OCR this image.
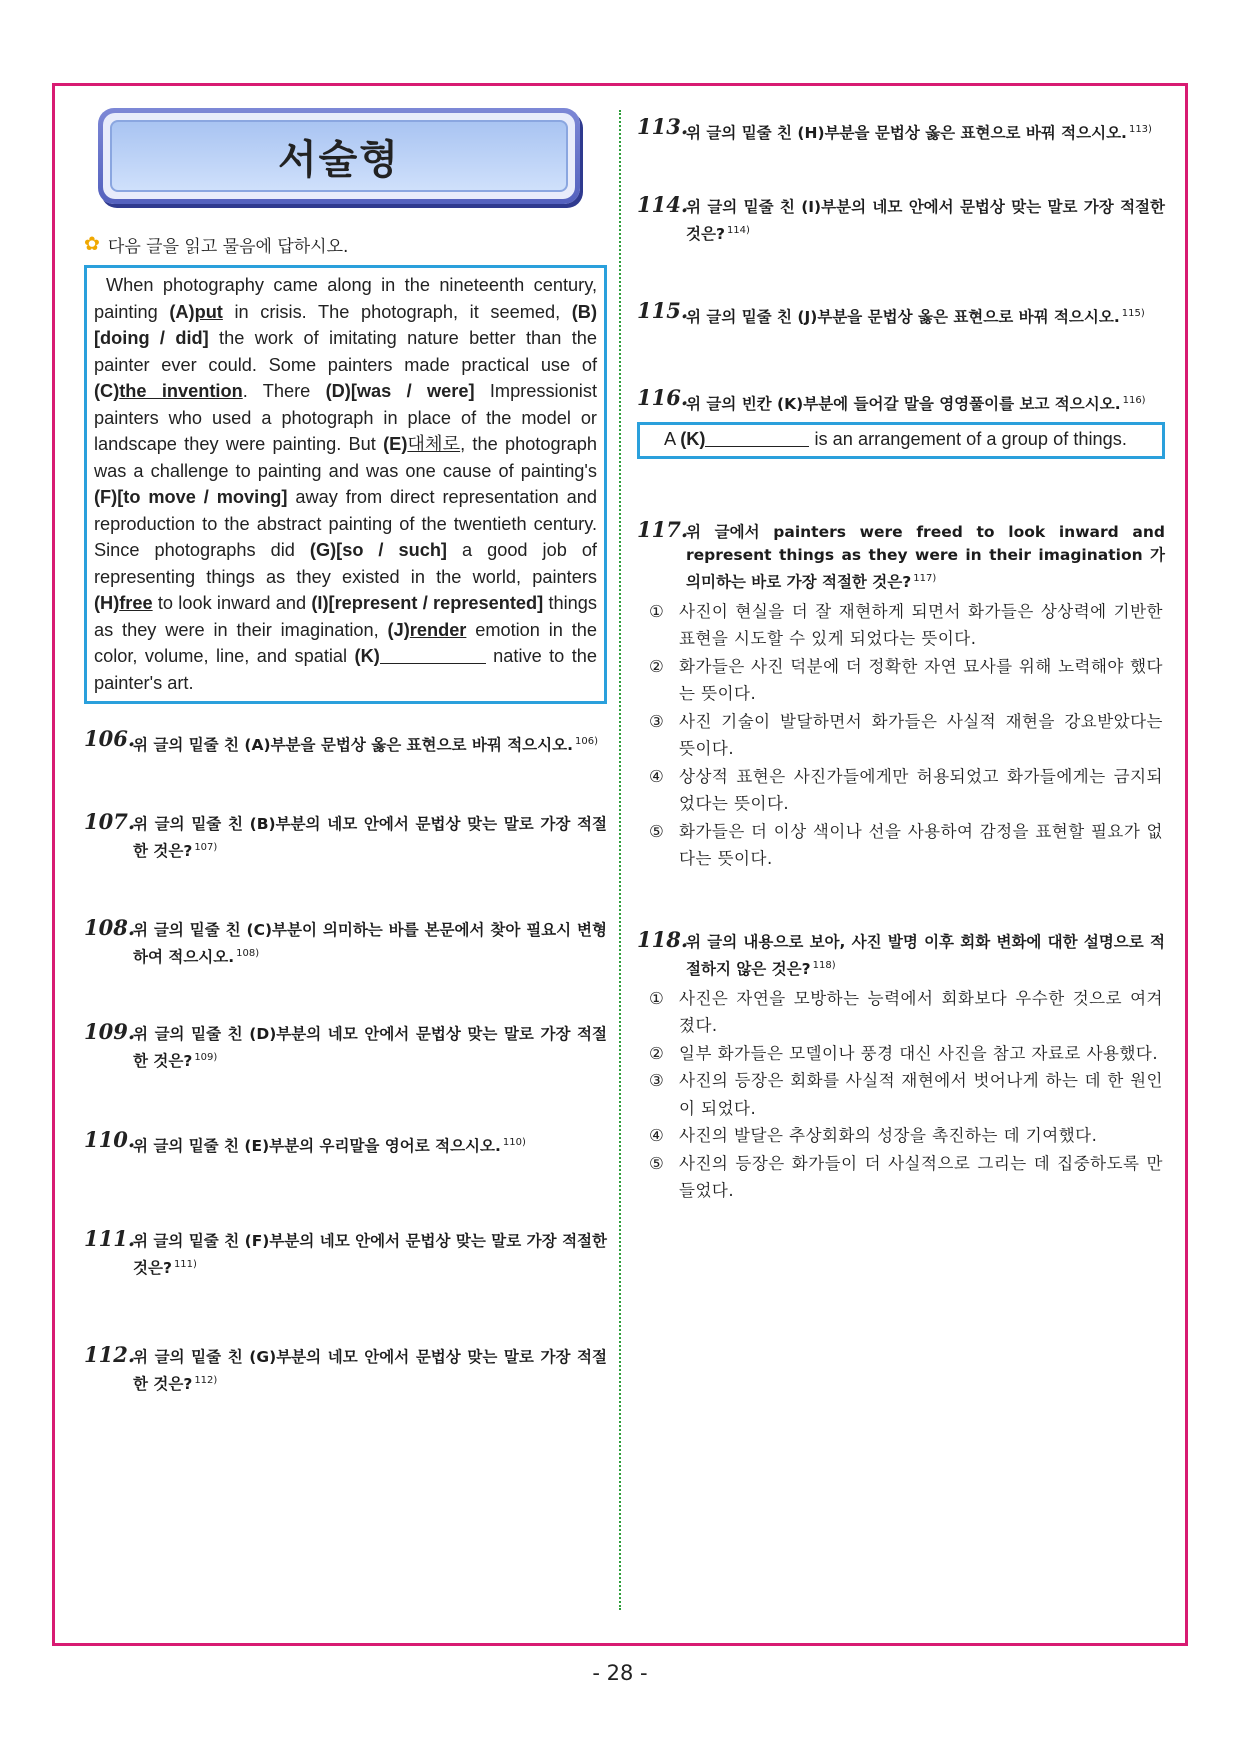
서술형
✿ 다음 글을 읽고 물음에 답하시오.

When photography came along in the nineteenth century, painting (A)put in crisis. The photograph, it seemed, (B)[doing / did] the work of imitating nature better than the painter ever could. Some painters made practical use of (C)the invention. There (D)[was / were] Impressionist painters who used a photograph in place of the model or landscape they were painting. But (E)대체로, the photograph was a challenge to painting and was one cause of painting's (F)[to move / moving] away from direct representation and reproduction to the abstract painting of the twentieth century. Since photographs did (G)[so / such] a good job of representing things as they existed in the world, painters (H)free to look inward and (I)[represent / represented] things as they were in their imagination, (J)render emotion in the color, volume, line, and spatial (K)	native to the painter's art.

106.
위 글의 밑줄 친 (A)부분을 문법상 옳은 표현으로 바꿔 적으시오. $^{106)}$
107.
위 글의 밑줄 친 (B)부분의 네모 안에서 문법상 맞는 말로 가장 적절한 것은? $^{107)}$
108.
위 글의 밑줄 친 (C)부분이 의미하는 바를 본문에서 찾아 필요시 변형하여 적으시오. $^{108)}$
109.
위 글의 밑줄 친 (D)부분의 네모 안에서 문법상 맞는 말로 가장 적절한 것은? $^{109)}$
110.
위 글의 밑줄 친 (E)부분의 우리말을 영어로 적으시오. $^{110)}$
111.
위 글의 밑줄 친 (F)부분의 네모 안에서 문법상 맞는 말로 가장 적절한 것은? $^{111)}$
112.
위 글의 밑줄 친 (G)부분의 네모 안에서 문법상 맞는 말로 가장 적절한 것은? $^{112)}$
113.
위 글의 밑줄 친 (H)부분을 문법상 옳은 표현으로 바꿔 적으시오. $^{113)}$
114.
위 글의 밑줄 친 (I)부분의 네모 안에서 문법상 맞는 말로 가장 적절한 것은? $^{114)}$
115.
위 글의 밑줄 친 (J)부분을 문법상 옳은 표현으로 바꿔 적으시오. $^{115)}$
116.
위 글의 빈칸 (K)부분에 들어갈 말을 영영풀이를 보고 적으시오. $^{116)}$

A (K)	is an arrangement of a group of things.

117.
위 글에서 painters were freed to look inward and represent things as they were in their imagination 가 의미하는 바로 가장 적절한 것은? $^{117)}$
① 사진이 현실을 더 잘 재현하게 되면서 화가들은 상상력에 기반한 표현을 시도할 수 있게 되었다는 뜻이다.
② 화가들은 사진 덕분에 더 정확한 자연 묘사를 위해 노력해야 했다는 뜻이다.
③ 사진 기술이 발달하면서 화가들은 사실적 재현을 강요받았다는 뜻이다.
④ 상상적 표현은 사진가들에게만 허용되었고 화가들에게는 금지되었다는 뜻이다.
⑤ 화가들은 더 이상 색이나 선을 사용하여 감정을 표현할 필요가 없다는 뜻이다.
118.
위 글의 내용으로 보아, 사진 발명 이후 회화 변화에 대한 설명으로 적절하지 않은 것은? $^{118)}$
① 사진은 자연을 모방하는 능력에서 회화보다 우수한 것으로 여겨졌다.
② 일부 화가들은 모델이나 풍경 대신 사진을 참고 자료로 사용했다.
③ 사진의 등장은 회화를 사실적 재현에서 벗어나게 하는 데 한 원인이 되었다.
④ 사진의 발달은 추상회화의 성장을 촉진하는 데 기여했다.
⑤ 사진의 등장은 화가들이 더 사실적으로 그리는 데 집중하도록 만들었다.
- 28 -
